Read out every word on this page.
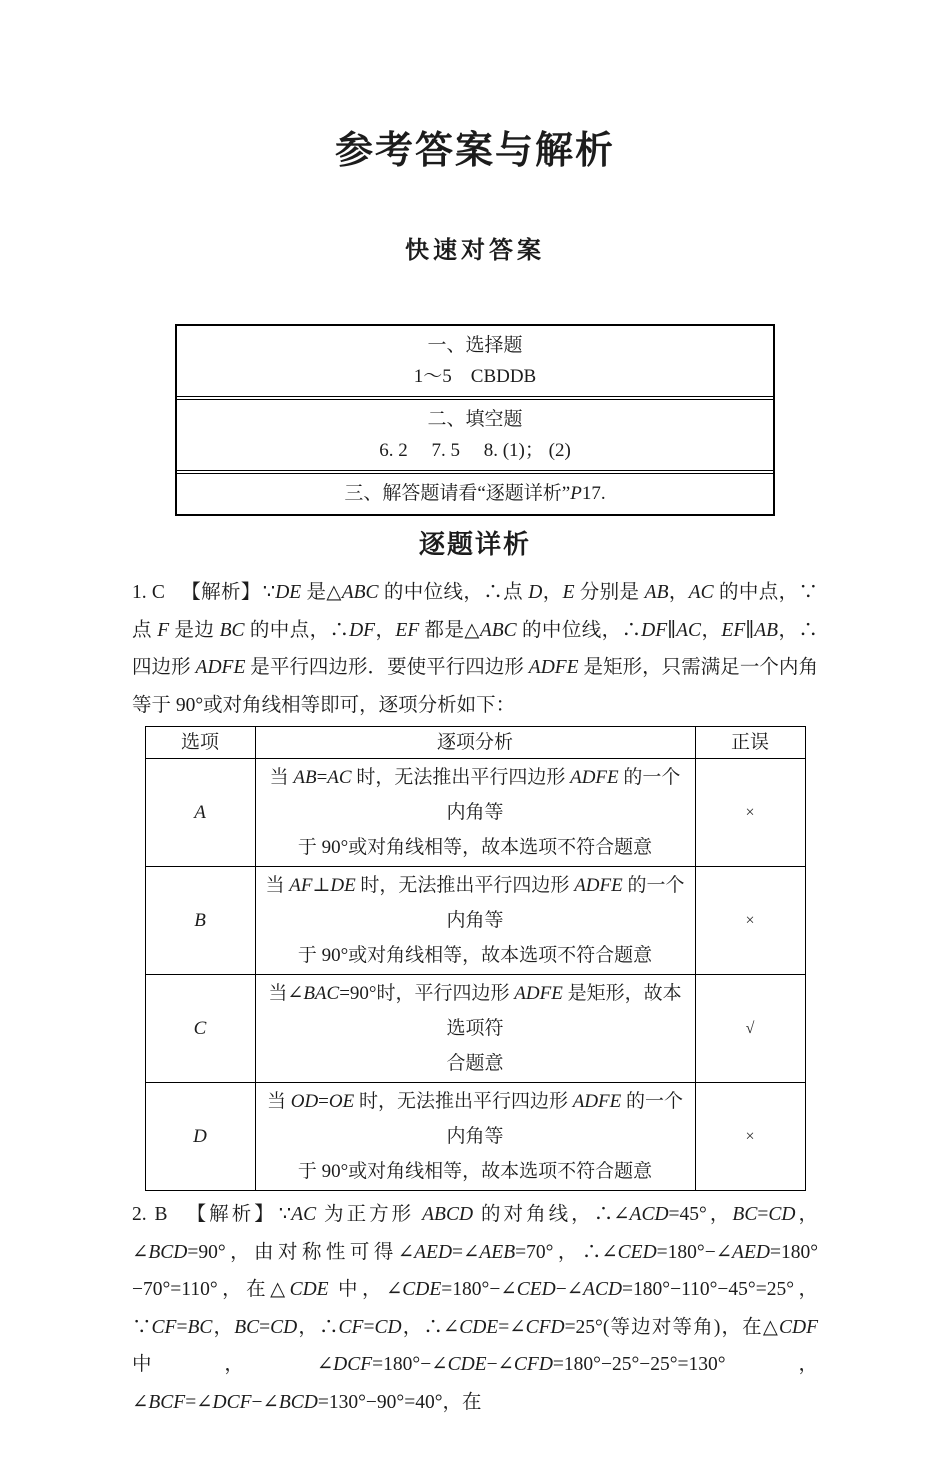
参考答案与解析
快速对答案
一、选择题
1～5　CBDDB
二、填空题
6. 2　 7. 5　 8. (1)； (2)
三、解答题请看“逐题详析”P17.
逐题详析

1. C 【解析】 ∵DE 是△ABC 的中位线，∴点 D，E 分别是 AB，AC 的中点，∵点 F 是边 BC 的中点，∴DF，EF 都是△ABC 的中位线，∴DF∥AC，EF∥AB，∴四边形 ADFE 是平行四边形．要使平行四边形 ADFE 是矩形，只需满足一个内角等于 90°或对角线相等即可，逐项分析如下：

选项	逐项分析	正误
A	当 AB=AC 时，无法推出平行四边形 ADFE 的一个内角等
于 90°或对角线相等，故本选项不符合题意	×
B	当 AF⊥DE 时，无法推出平行四边形 ADFE 的一个内角等
于 90°或对角线相等，故本选项不符合题意	×
C	当∠BAC=90°时，平行四边形 ADFE 是矩形，故本选项符
合题意	√
D	当 OD=OE 时，无法推出平行四边形 ADFE 的一个内角等
于 90°或对角线相等，故本选项不符合题意	×

2. B 【解析】 ∵AC 为正方形 ABCD 的对角线，∴∠ACD=45°，BC=CD，∠BCD=90°，由对称性可得∠AED=∠AEB=70°，∴∠CED=180°−∠AED=180°−70°=110°，在△CDE 中，∠CDE=180°−∠CED−∠ACD=180°−110°−45°=25°，∵CF=BC，BC=CD，∴CF=CD，∴∠CDE=∠CFD=25°(等边对等角)，在△CDF 中，∠DCF=180°−∠CDE−∠CFD=180°−25°−25°=130°，∠BCF=∠DCF−∠BCD=130°−90°=40°，在
